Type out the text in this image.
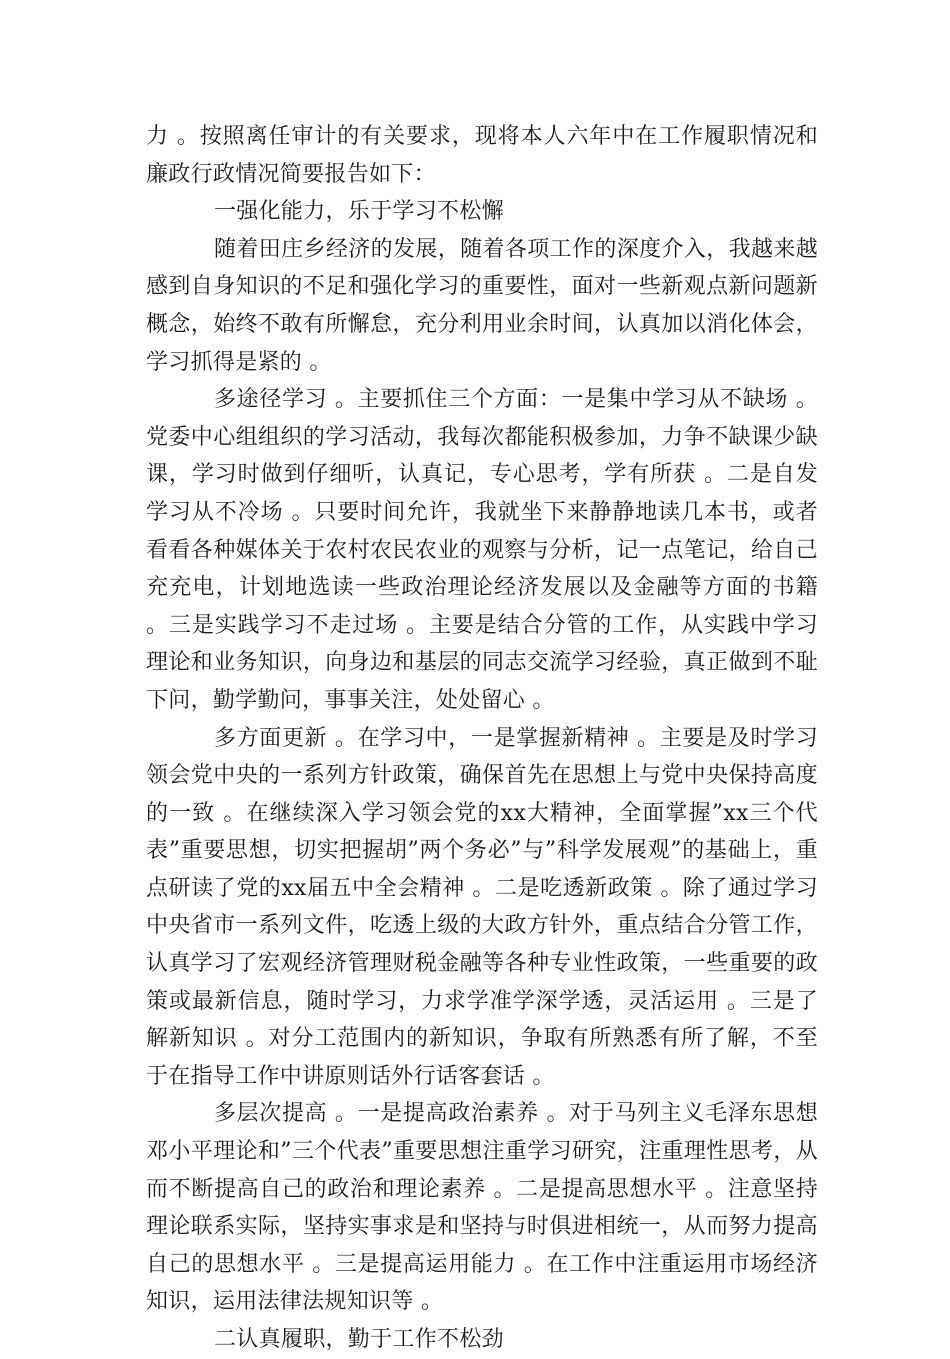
力 。按照离任审计的有关要求，现将本人六年中在工作履职情况和廉政行政情况简要报告如下：

一强化能力，乐于学习不松懈

随着田庄乡经济的发展，随着各项工作的深度介入，我越来越感到自身知识的不足和强化学习的重要性，面对一些新观点新问题新概念，始终不敢有所懈怠，充分利用业余时间，认真加以消化体会，学习抓得是紧的 。

多途径学习 。主要抓住三个方面：一是集中学习从不缺场 。党委中心组组织的学习活动，我每次都能积极参加，力争不缺课少缺课，学习时做到仔细听，认真记，专心思考，学有所获 。二是自发学习从不冷场 。只要时间允许，我就坐下来静静地读几本书，或者看看各种媒体关于农村农民农业的观察与分析，记一点笔记，给自己充充电，计划地选读一些政治理论经济发展以及金融等方面的书籍 。三是实践学习不走过场 。主要是结合分管的工作，从实践中学习理论和业务知识，向身边和基层的同志交流学习经验，真正做到不耻下问，勤学勤问，事事关注，处处留心 。

多方面更新 。在学习中，一是掌握新精神 。主要是及时学习领会党中央的一系列方针政策，确保首先在思想上与党中央保持高度的一致 。在继续深入学习领会党的xx大精神，全面掌握”xx三个代表”重要思想，切实把握胡”两个务必”与”科学发展观”的基础上，重点研读了党的xx届五中全会精神 。二是吃透新政策 。除了通过学习中央省市一系列文件，吃透上级的大政方针外，重点结合分管工作，认真学习了宏观经济管理财税金融等各种专业性政策，一些重要的政策或最新信息，随时学习，力求学准学深学透，灵活运用 。三是了解新知识 。对分工范围内的新知识，争取有所熟悉有所了解，不至于在指导工作中讲原则话外行话客套话 。

多层次提高 。一是提高政治素养 。对于马列主义毛泽东思想邓小平理论和”三个代表”重要思想注重学习研究，注重理性思考，从而不断提高自己的政治和理论素养 。二是提高思想水平 。注意坚持理论联系实际，坚持实事求是和坚持与时俱进相统一，从而努力提高自己的思想水平 。三是提高运用能力 。在工作中注重运用市场经济知识，运用法律法规知识等 。

二认真履职，勤于工作不松劲
